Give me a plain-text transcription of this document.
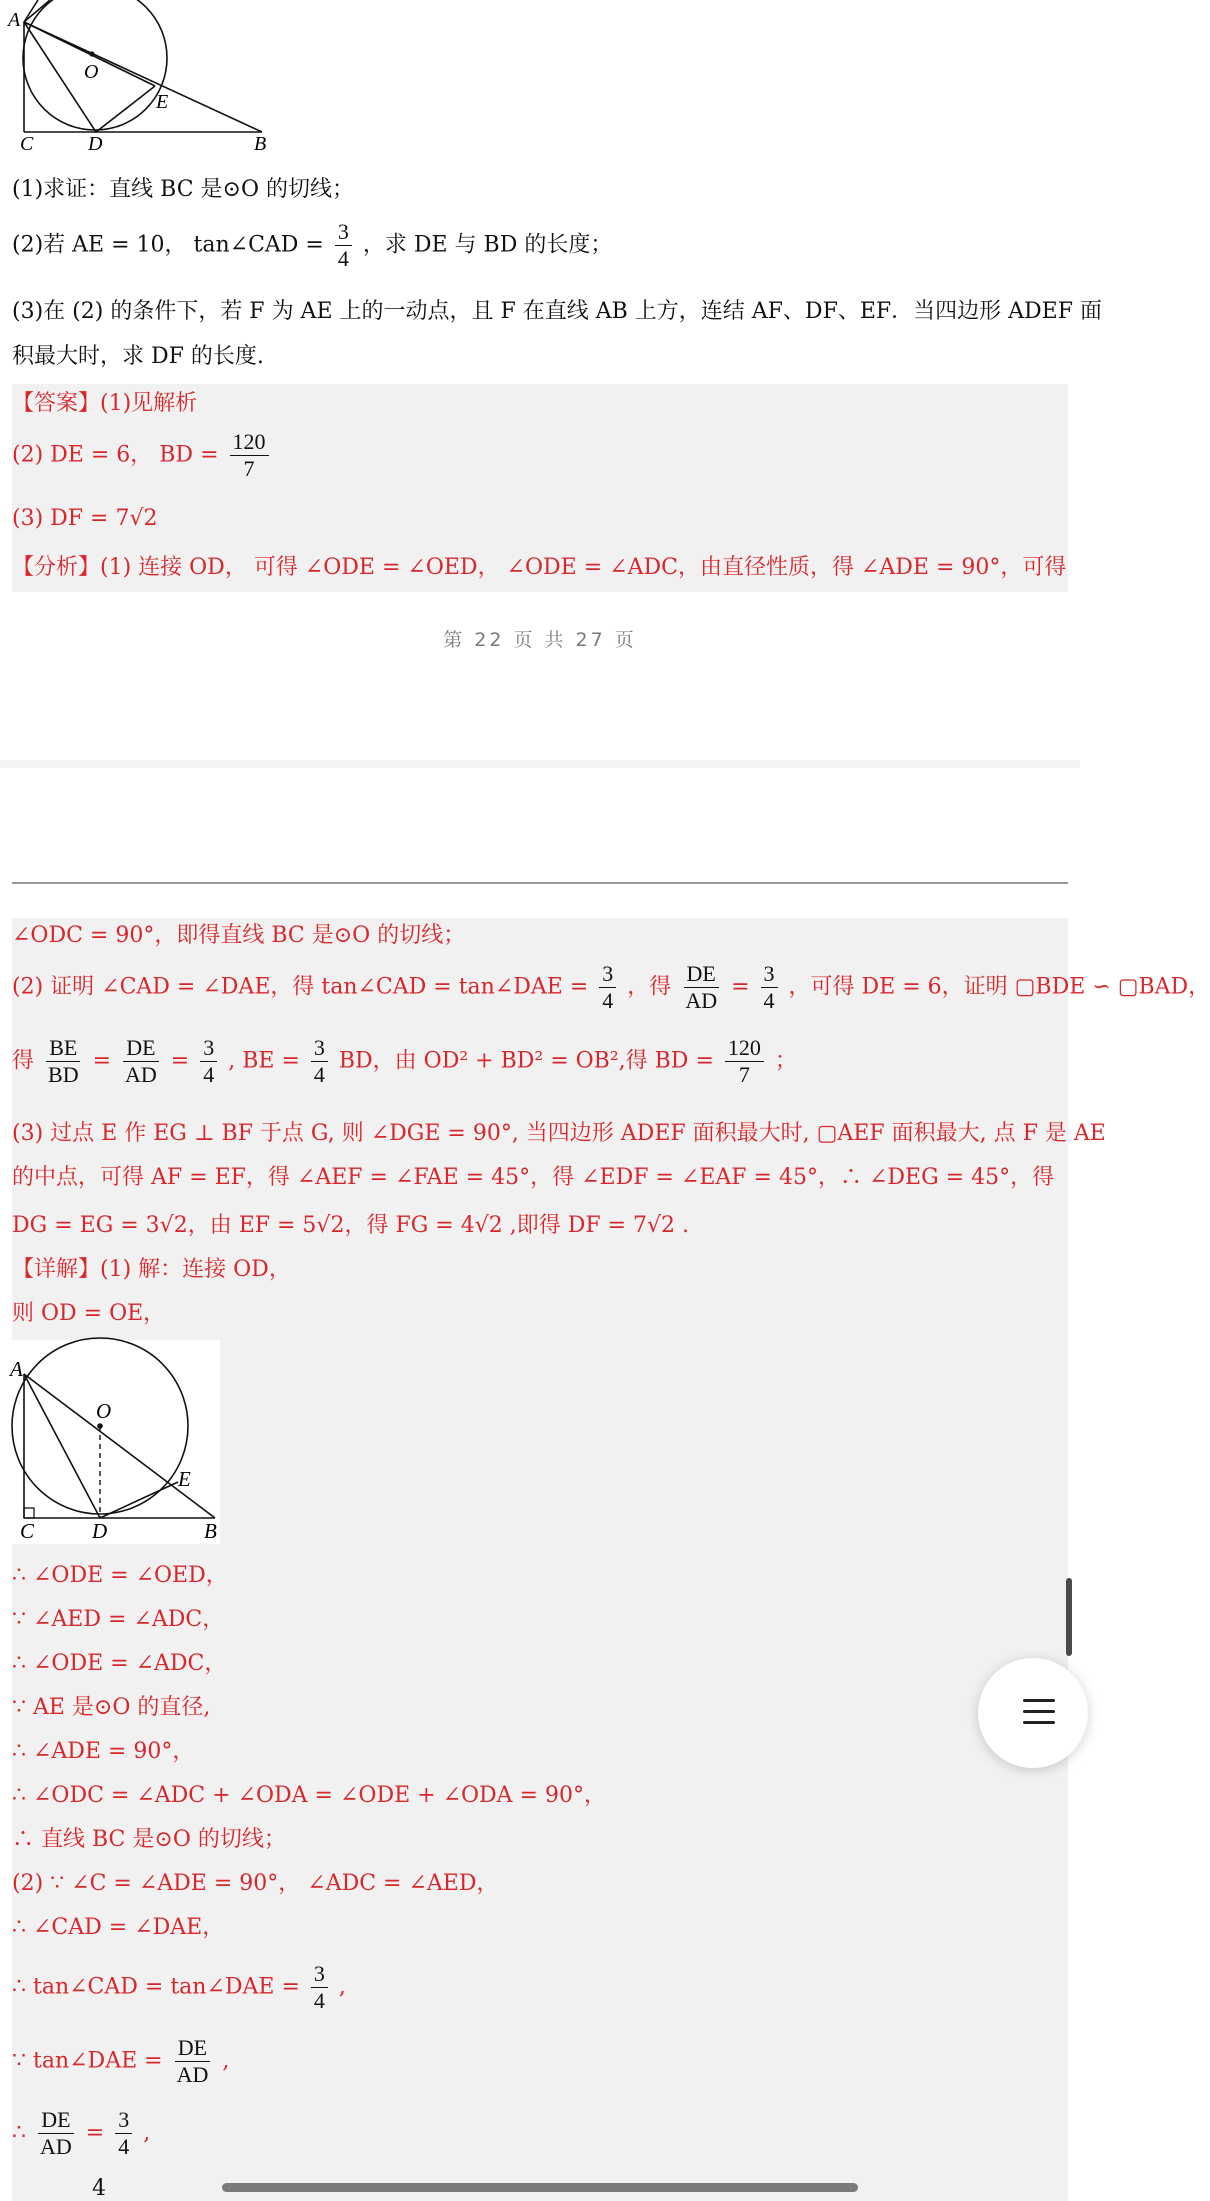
A
O
E
C	D	B
(1)求证：直线 BC 是⊙O 的切线；
(2)若 AE = 10， tan∠CAD = $\frac{3}{4}$ ，求 DE 与 BD 的长度；
(3)在 (2) 的条件下，若 F 为 AE 上的一动点，且 F 在直线 AB 上方，连结 AF、DF、EF．当四边形 ADEF 面
积最大时，求 DF 的长度.
【答案】(1)见解析
(2) DE = 6， BD = $\frac{120}{7}$
(3) DF = 7√2
【分析】(1) 连接 OD， 可得 ∠ODE = ∠OED， ∠ODE = ∠ADC，由直径性质，得 ∠ADE = 90°，可得
第 22 页 共 27 页
∠ODC = 90°，即得直线 BC 是⊙O 的切线；
(2) 证明 ∠CAD = ∠DAE，得 tan∠CAD = tan∠DAE = $\frac{3}{4}$ ，得 $\frac{DE}{AD} = \frac{3}{4}$ ，可得 DE = 6，证明 ▢BDE ∽ ▢BAD，
得 $\frac{BE}{BD} = \frac{DE}{AD} = \frac{3}{4}$ , BE = $\frac{3}{4}$ BD，由 OD² + BD² = OB²,得 BD = $\frac{120}{7}$ ；
(3) 过点 E 作 EG ⊥ BF 于点 G, 则 ∠DGE = 90°, 当四边形 ADEF 面积最大时, ▢AEF 面积最大, 点 F 是 AE
的中点，可得 AF = EF，得 ∠AEF = ∠FAE = 45°，得 ∠EDF = ∠EAF = 45°，∴ ∠DEG = 45°，得
DG = EG = 3√2，由 EF = 5√2，得 FG = 4√2 ,即得 DF = 7√2 .
【详解】(1) 解：连接 OD，
则 OD = OE，
A
O
E
C	D	B
∴ ∠ODE = ∠OED，
∵ ∠AED = ∠ADC，
∴ ∠ODE = ∠ADC，
∵ AE 是⊙O 的直径,
∴ ∠ADE = 90°，
∴ ∠ODC = ∠ADC + ∠ODA = ∠ODE + ∠ODA = 90°，
∴ 直线 BC 是⊙O 的切线；
(2) ∵ ∠C = ∠ADE = 90°， ∠ADC = ∠AED，
∴ ∠CAD = ∠DAE，
∴ tan∠CAD = tan∠DAE = $\frac{3}{4}$ ,
∵ tan∠DAE = $\frac{DE}{AD}$ ,
∴ $\frac{DE}{AD} = \frac{3}{4}$ ,
4
